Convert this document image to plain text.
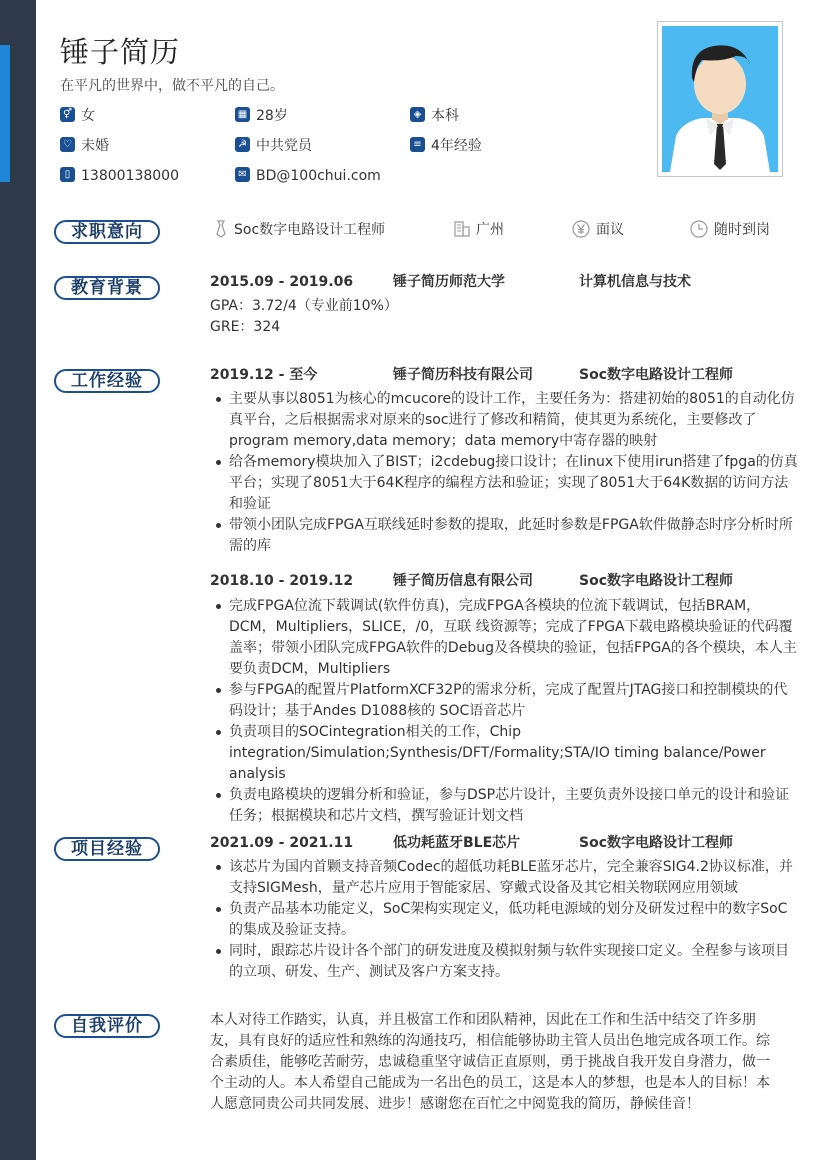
锤子简历
在平凡的世界中，做不平凡的自己。
⚥ 女	▦ 28岁	◈ 本科
♡ 未婚	☭ 中共党员	≡ 4年经验
▯ 13800138000	✉ BD@100chui.com
求职意向	Soc数字电路设计工程师	广州	面议	随时到岗
教育背景	2015.09 - 2019.06	锤子简历师范大学	计算机信息与技术
GPA：3.72/4（专业前10%）
GRE：324
工作经验	2019.12 - 至今	锤子简历科技有限公司	Soc数字电路设计工程师
主要从事以8051为核心的mcucore的设计工作，主要任务为：搭建初始的8051的自动化仿真平台，之后根据需求对原来的soc进行了修改和精简，使其更为系统化，主要修改了program memory,data memory；data memory中寄存器的映射
给各memory模块加入了BIST；i2cdebug接口设计；在linux下使用irun搭建了fpga的仿真平台；实现了8051大于64K程序的编程方法和验证；实现了8051大于64K数据的访问方法和验证
带领小团队完成FPGA互联线延时参数的提取，此延时参数是FPGA软件做静态时序分析时所需的库
2018.10 - 2019.12	锤子简历信息有限公司	Soc数字电路设计工程师
完成FPGA位流下载调试(软件仿真)，完成FPGA各模块的位流下载调试，包括BRAM，DCM，Multipliers，SLICE，/0，互联 线资源等；完成了FPGA下载电路模块验证的代码覆盖率；带领小团队完成FPGA软件的Debug及各模块的验证，包括FPGA的各个模块，本人主要负责DCM，Multipliers
参与FPGA的配置片PlatformXCF32P的需求分析，完成了配置片JTAG接口和控制模块的代码设计；基于Andes D1088核的 SOC语音芯片
负责项目的SOCintegration相关的工作，Chip integration/Simulation;Synthesis/DFT/Formality;STA/IO timing balance/Power analysis
负责电路模块的逻辑分析和验证，参与DSP芯片设计，主要负责外设接口单元的设计和验证任务；根据模块和芯片文档，撰写验证计划文档
项目经验	2021.09 - 2021.11	低功耗蓝牙BLE芯片	Soc数字电路设计工程师
该芯片为国内首颗支持音频Codec的超低功耗BLE蓝牙芯片，完全兼容SIG4.2协议标准，并支持SIGMesh，量产芯片应用于智能家居、穿戴式设备及其它相关物联网应用领域
负责产品基本功能定义，SoC架构实现定义，低功耗电源域的划分及研发过程中的数字SoC的集成及验证支持。
同时，跟踪芯片设计各个部门的研发进度及模拟射频与软件实现接口定义。全程参与该项目的立项、研发、生产、测试及客户方案支持。
自我评价	本人对待工作踏实，认真，并且极富工作和团队精神，因此在工作和生活中结交了许多朋友，具有良好的适应性和熟练的沟通技巧，相信能够协助主管人员出色地完成各项工作。综合素质佳，能够吃苦耐劳，忠诚稳重坚守诚信正直原则，勇于挑战自我开发自身潜力，做一个主动的人。本人希望自己能成为一名出色的员工，这是本人的梦想，也是本人的目标！本人愿意同贵公司共同发展、进步！感谢您在百忙之中阅览我的简历，静候佳音！
